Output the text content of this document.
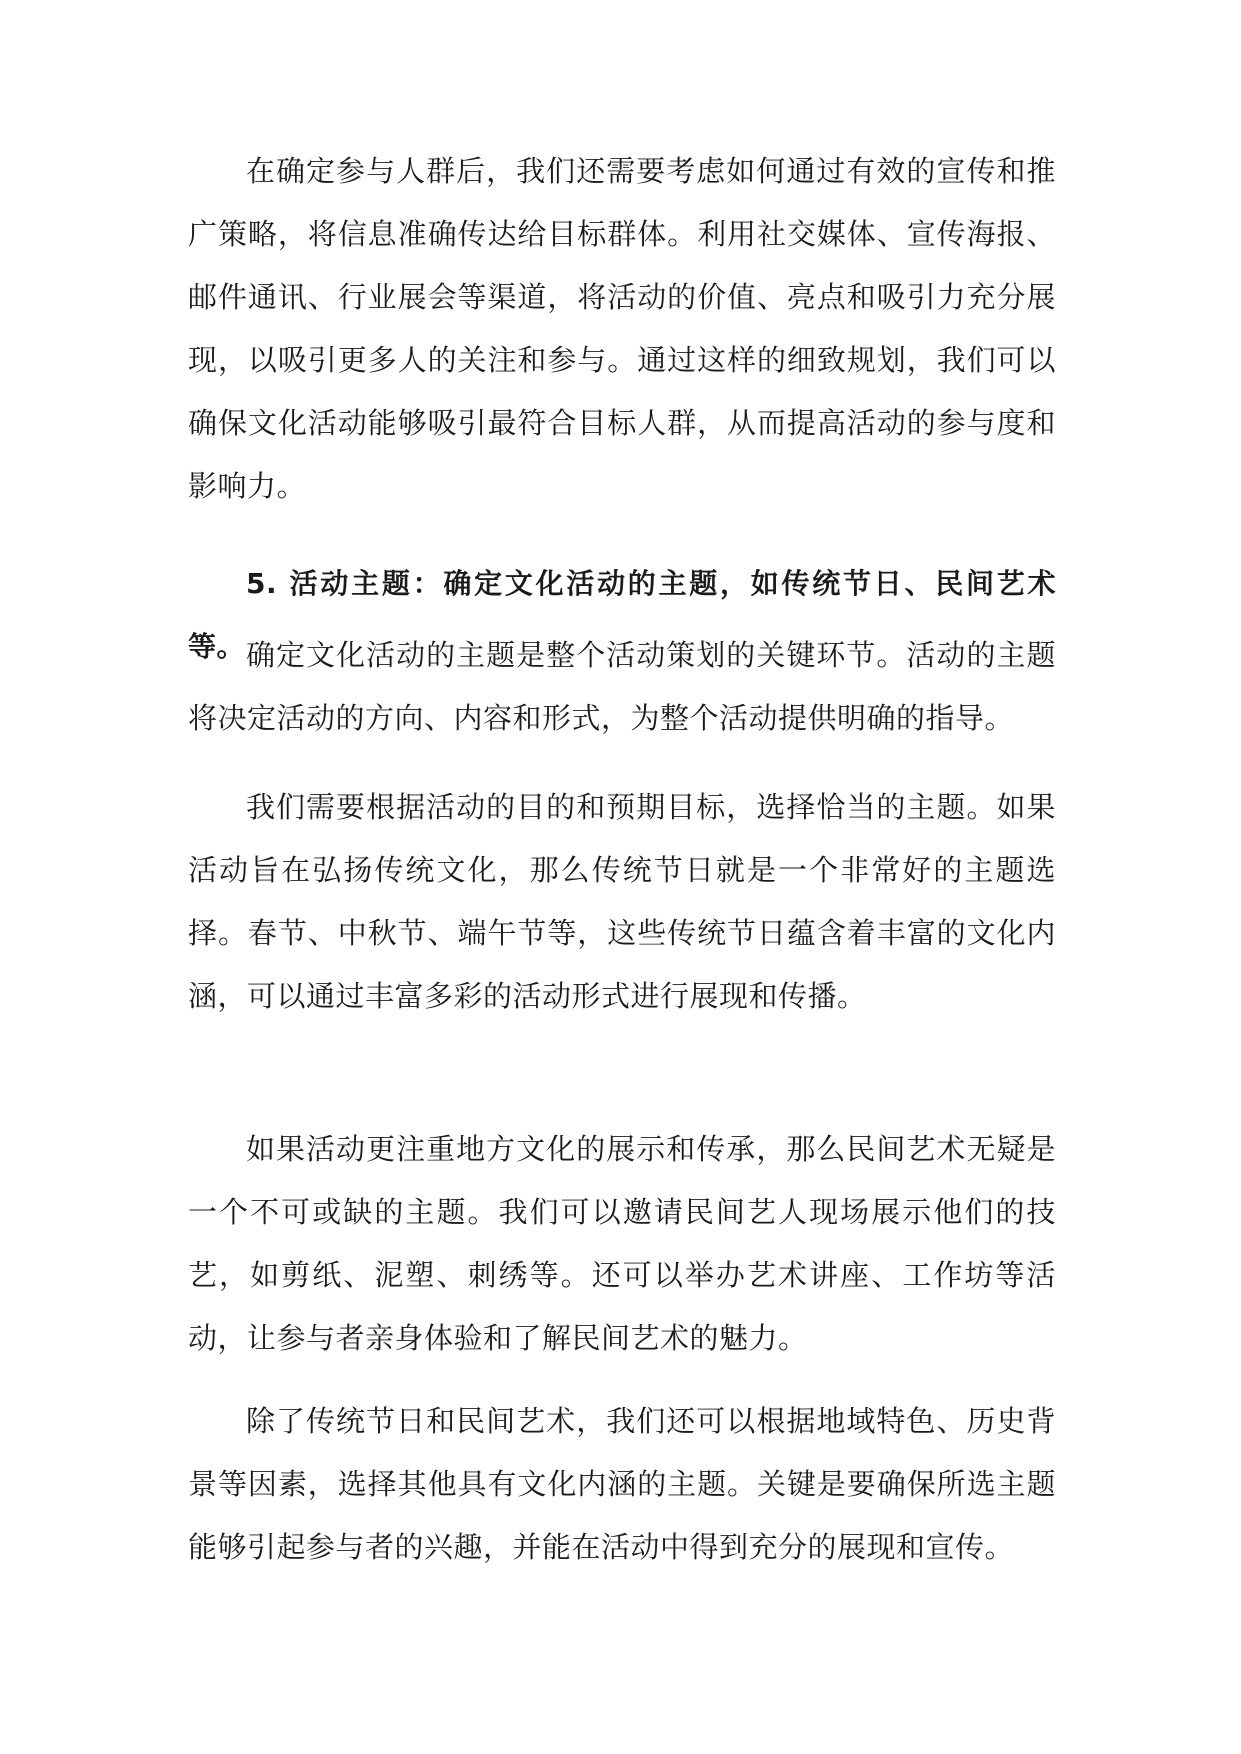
在确定参与人群后，我们还需要考虑如何通过有效的宣传和推广策略，将信息准确传达给目标群体。利用社交媒体、宣传海报、邮件通讯、行业展会等渠道，将活动的价值、亮点和吸引力充分展现，以吸引更多人的关注和参与。通过这样的细致规划，我们可以确保文化活动能够吸引最符合目标人群，从而提高活动的参与度和影响力。

5. 活动主题：确定文化活动的主题，如传统节日、民间艺术等。 确定文化活动的主题是整个活动策划的关键环节。活动的主题将决定活动的方向、内容和形式，为整个活动提供明确的指导。

我们需要根据活动的目的和预期目标，选择恰当的主题。如果活动旨在弘扬传统文化，那么传统节日就是一个非常好的主题选择。春节、中秋节、端午节等，这些传统节日蕴含着丰富的文化内涵，可以通过丰富多彩的活动形式进行展现和传播。

如果活动更注重地方文化的展示和传承，那么民间艺术无疑是一个不可或缺的主题。我们可以邀请民间艺人现场展示他们的技艺，如剪纸、泥塑、刺绣等。还可以举办艺术讲座、工作坊等活动，让参与者亲身体验和了解民间艺术的魅力。

除了传统节日和民间艺术，我们还可以根据地域特色、历史背景等因素，选择其他具有文化内涵的主题。关键是要确保所选主题能够引起参与者的兴趣，并能在活动中得到充分的展现和宣传。
